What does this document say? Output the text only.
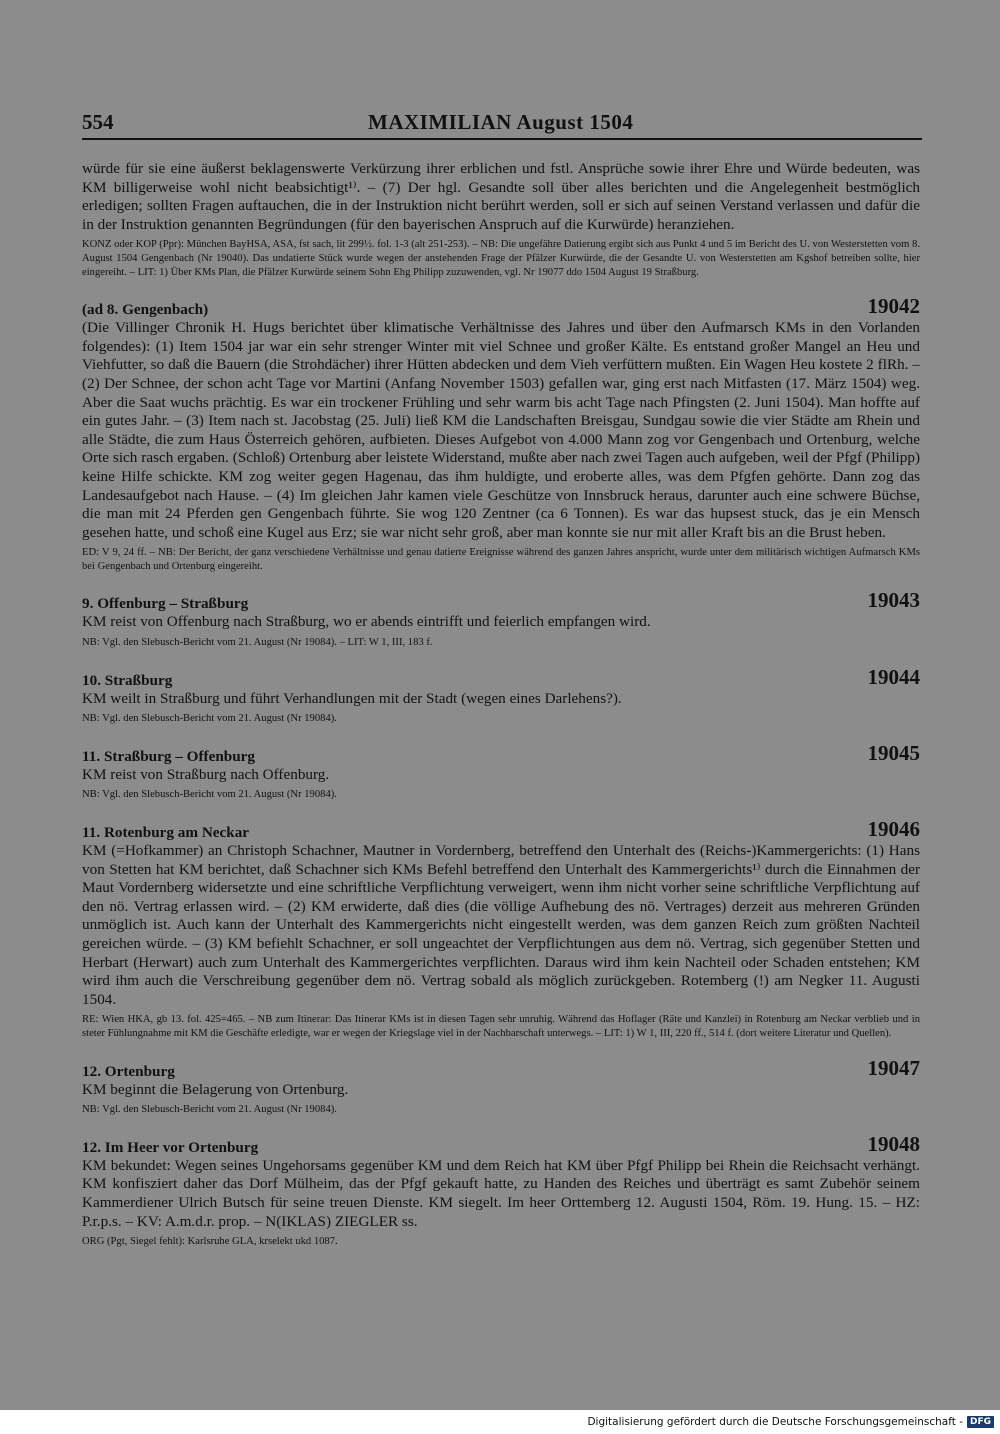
554	MAXIMILIAN August 1504

würde für sie eine äußerst beklagenswerte Verkürzung ihrer erblichen und fstl. Ansprüche sowie ihrer Ehre und Würde bedeuten, was KM billigerweise wohl nicht beabsichtigt¹⁾. – (7) Der hgl. Gesandte soll über alles berichten und die Angelegenheit bestmöglich erledigen; sollten Fragen auftauchen, die in der Instruktion nicht berührt werden, soll er sich auf seinen Verstand verlassen und dafür die in der Instruktion genannten Begründungen (für den bayerischen Anspruch auf die Kurwürde) heranziehen.

KONZ oder KOP (Ppr): München BayHSA, ASA, fst sach, lit 299½. fol. 1-3 (alt 251-253). – NB: Die ungefähre Datierung ergibt sich aus Punkt 4 und 5 im Bericht des U. von Westerstetten vom 8. August 1504 Gengenbach (Nr 19040). Das undatierte Stück wurde wegen der anstehenden Frage der Pfälzer Kurwürde, die der Gesandte U. von Westerstetten am Kgshof betreiben sollte, hier eingereiht. – LIT: 1) Über KMs Plan, die Pfälzer Kurwürde seinem Sohn Ehg Philipp zuzuwenden, vgl. Nr 19077 ddo 1504 August 19 Straßburg.

(ad 8. Gengenbach)	19042

(Die Villinger Chronik H. Hugs berichtet über klimatische Verhältnisse des Jahres und über den Aufmarsch KMs in den Vorlanden folgendes): (1) Item 1504 jar war ein sehr strenger Winter mit viel Schnee und großer Kälte. Es entstand großer Mangel an Heu und Viehfutter, so daß die Bauern (die Strohdächer) ihrer Hütten abdecken und dem Vieh verfüttern mußten. Ein Wagen Heu kostete 2 flRh. – (2) Der Schnee, der schon acht Tage vor Martini (Anfang November 1503) gefallen war, ging erst nach Mitfasten (17. März 1504) weg. Aber die Saat wuchs prächtig. Es war ein trockener Frühling und sehr warm bis acht Tage nach Pfingsten (2. Juni 1504). Man hoffte auf ein gutes Jahr. – (3) Item nach st. Jacobstag (25. Juli) ließ KM die Landschaften Breisgau, Sundgau sowie die vier Städte am Rhein und alle Städte, die zum Haus Österreich gehören, aufbieten. Dieses Aufgebot von 4.000 Mann zog vor Gengenbach und Ortenburg, welche Orte sich rasch ergaben. (Schloß) Ortenburg aber leistete Widerstand, mußte aber nach zwei Tagen auch aufgeben, weil der Pfgf (Philipp) keine Hilfe schickte. KM zog weiter gegen Hagenau, das ihm huldigte, und eroberte alles, was dem Pfgfen gehörte. Dann zog das Landesaufgebot nach Hause. – (4) Im gleichen Jahr kamen viele Geschütze von Innsbruck heraus, darunter auch eine schwere Büchse, die man mit 24 Pferden gen Gengenbach führte. Sie wog 120 Zentner (ca 6 Tonnen). Es war das hupsest stuck, das je ein Mensch gesehen hatte, und schoß eine Kugel aus Erz; sie war nicht sehr groß, aber man konnte sie nur mit aller Kraft bis an die Brust heben.

ED: V 9, 24 ff. – NB: Der Bericht, der ganz verschiedene Verhältnisse und genau datierte Ereignisse während des ganzen Jahres anspricht, wurde unter dem militärisch wichtigen Aufmarsch KMs bei Gengenbach und Ortenburg eingereiht.

9. Offenburg – Straßburg	19043

KM reist von Offenburg nach Straßburg, wo er abends eintrifft und feierlich empfangen wird.

NB: Vgl. den Slebusch-Bericht vom 21. August (Nr 19084). – LIT: W 1, III, 183 f.

10. Straßburg	19044

KM weilt in Straßburg und führt Verhandlungen mit der Stadt (wegen eines Darlehens?).

NB: Vgl. den Slebusch-Bericht vom 21. August (Nr 19084).

11. Straßburg – Offenburg	19045

KM reist von Straßburg nach Offenburg.

NB: Vgl. den Slebusch-Bericht vom 21. August (Nr 19084).

11. Rotenburg am Neckar	19046

KM (=Hofkammer) an Christoph Schachner, Mautner in Vordernberg, betreffend den Unterhalt des (Reichs-)Kammergerichts: (1) Hans von Stetten hat KM berichtet, daß Schachner sich KMs Befehl betreffend den Unterhalt des Kammergerichts¹⁾ durch die Einnahmen der Maut Vordernberg widersetzte und eine schriftliche Verpflichtung verweigert, wenn ihm nicht vorher seine schriftliche Verpflichtung auf den nö. Vertrag erlassen wird. – (2) KM erwiderte, daß dies (die völlige Aufhebung des nö. Vertrages) derzeit aus mehreren Gründen unmöglich ist. Auch kann der Unterhalt des Kammergerichts nicht eingestellt werden, was dem ganzen Reich zum größten Nachteil gereichen würde. – (3) KM befiehlt Schachner, er soll ungeachtet der Verpflichtungen aus dem nö. Vertrag, sich gegenüber Stetten und Herbart (Herwart) auch zum Unterhalt des Kammergerichtes verpflichten. Daraus wird ihm kein Nachteil oder Schaden entstehen; KM wird ihm auch die Verschreibung gegenüber dem nö. Vertrag sobald als möglich zurückgeben. Rotemberg (!) am Negker 11. Augusti 1504.

RE: Wien HKA, gb 13. fol. 425=465. – NB zum Itinerar: Das Itinerar KMs ist in diesen Tagen sehr unruhig. Während das Hoflager (Räte und Kanzlei) in Rotenburg am Neckar verblieb und in steter Fühlungnahme mit KM die Geschäfte erledigte, war er wegen der Kriegslage viel in der Nachbarschaft unterwegs. – LIT: 1) W 1, III, 220 ff., 514 f. (dort weitere Literatur und Quellen).

12. Ortenburg	19047

KM beginnt die Belagerung von Ortenburg.

NB: Vgl. den Slebusch-Bericht vom 21. August (Nr 19084).

12. Im Heer vor Ortenburg	19048

KM bekundet: Wegen seines Ungehorsams gegenüber KM und dem Reich hat KM über Pfgf Philipp bei Rhein die Reichsacht verhängt. KM konfisziert daher das Dorf Mülheim, das der Pfgf gekauft hatte, zu Handen des Reiches und überträgt es samt Zubehör seinem Kammerdiener Ulrich Butsch für seine treuen Dienste. KM siegelt. Im heer Orttemberg 12. Augusti 1504, Röm. 19. Hung. 15. – HZ: P.r.p.s. – KV: A.m.d.r. prop. – N(IKLAS) ZIEGLER ss.

ORG (Pgt, Siegel fehlt): Karlsruhe GLA, krselekt ukd 1087.

Digitalisierung gefördert durch die Deutsche Forschungsgemeinschaft - DFG
